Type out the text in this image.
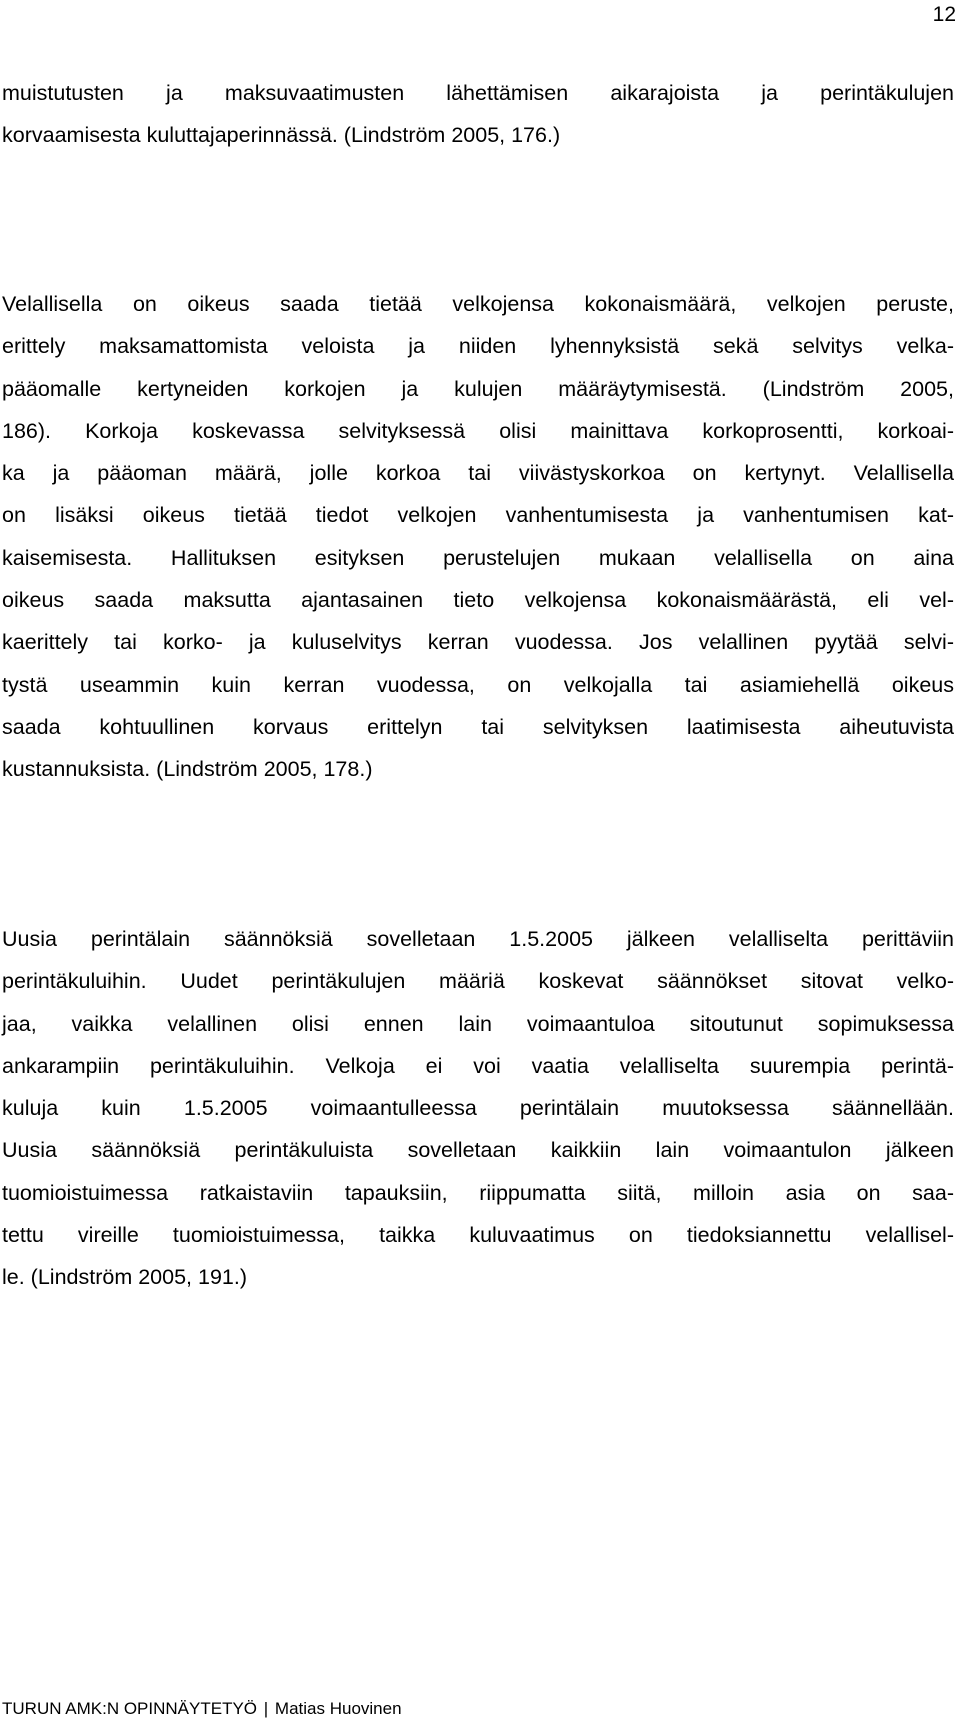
12
muistutusten ja maksuvaatimusten lähettämisen aikarajoista ja perintäkulujen
korvaamisesta kuluttajaperinnässä. (Lindström 2005, 176.)
Velallisella on oikeus saada tietää velkojensa kokonaismäärä, velkojen peruste,
erittely maksamattomista veloista ja niiden lyhennyksistä sekä selvitys velka-
pääomalle kertyneiden korkojen ja kulujen määräytymisestä. (Lindström 2005,
186). Korkoja koskevassa selvityksessä olisi mainittava korkoprosentti, korkoai-
ka ja pääoman määrä, jolle korkoa tai viivästyskorkoa on kertynyt. Velallisella
on lisäksi oikeus tietää tiedot velkojen vanhentumisesta ja vanhentumisen kat-
kaisemisesta. Hallituksen esityksen perustelujen mukaan velallisella on aina
oikeus saada maksutta ajantasainen tieto velkojensa kokonaismäärästä, eli vel-
kaerittely tai korko- ja kuluselvitys kerran vuodessa. Jos velallinen pyytää selvi-
tystä useammin kuin kerran vuodessa, on velkojalla tai asiamiehellä oikeus
saada kohtuullinen korvaus erittelyn tai selvityksen laatimisesta aiheutuvista
kustannuksista. (Lindström 2005, 178.)
Uusia perintälain säännöksiä sovelletaan 1.5.2005 jälkeen velalliselta perittäviin
perintäkuluihin. Uudet perintäkulujen määriä koskevat säännökset sitovat velko-
jaa, vaikka velallinen olisi ennen lain voimaantuloa sitoutunut sopimuksessa
ankarampiin perintäkuluihin. Velkoja ei voi vaatia velalliselta suurempia perintä-
kuluja kuin 1.5.2005 voimaantulleessa perintälain muutoksessa säännellään.
Uusia säännöksiä perintäkuluista sovelletaan kaikkiin lain voimaantulon jälkeen
tuomioistuimessa ratkaistaviin tapauksiin, riippumatta siitä, milloin asia on saa-
tettu vireille tuomioistuimessa, taikka kuluvaatimus on tiedoksiannettu velallisel-
le. (Lindström 2005, 191.)
TURUN AMK:N OPINNÄYTETYÖ | Matias Huovinen
